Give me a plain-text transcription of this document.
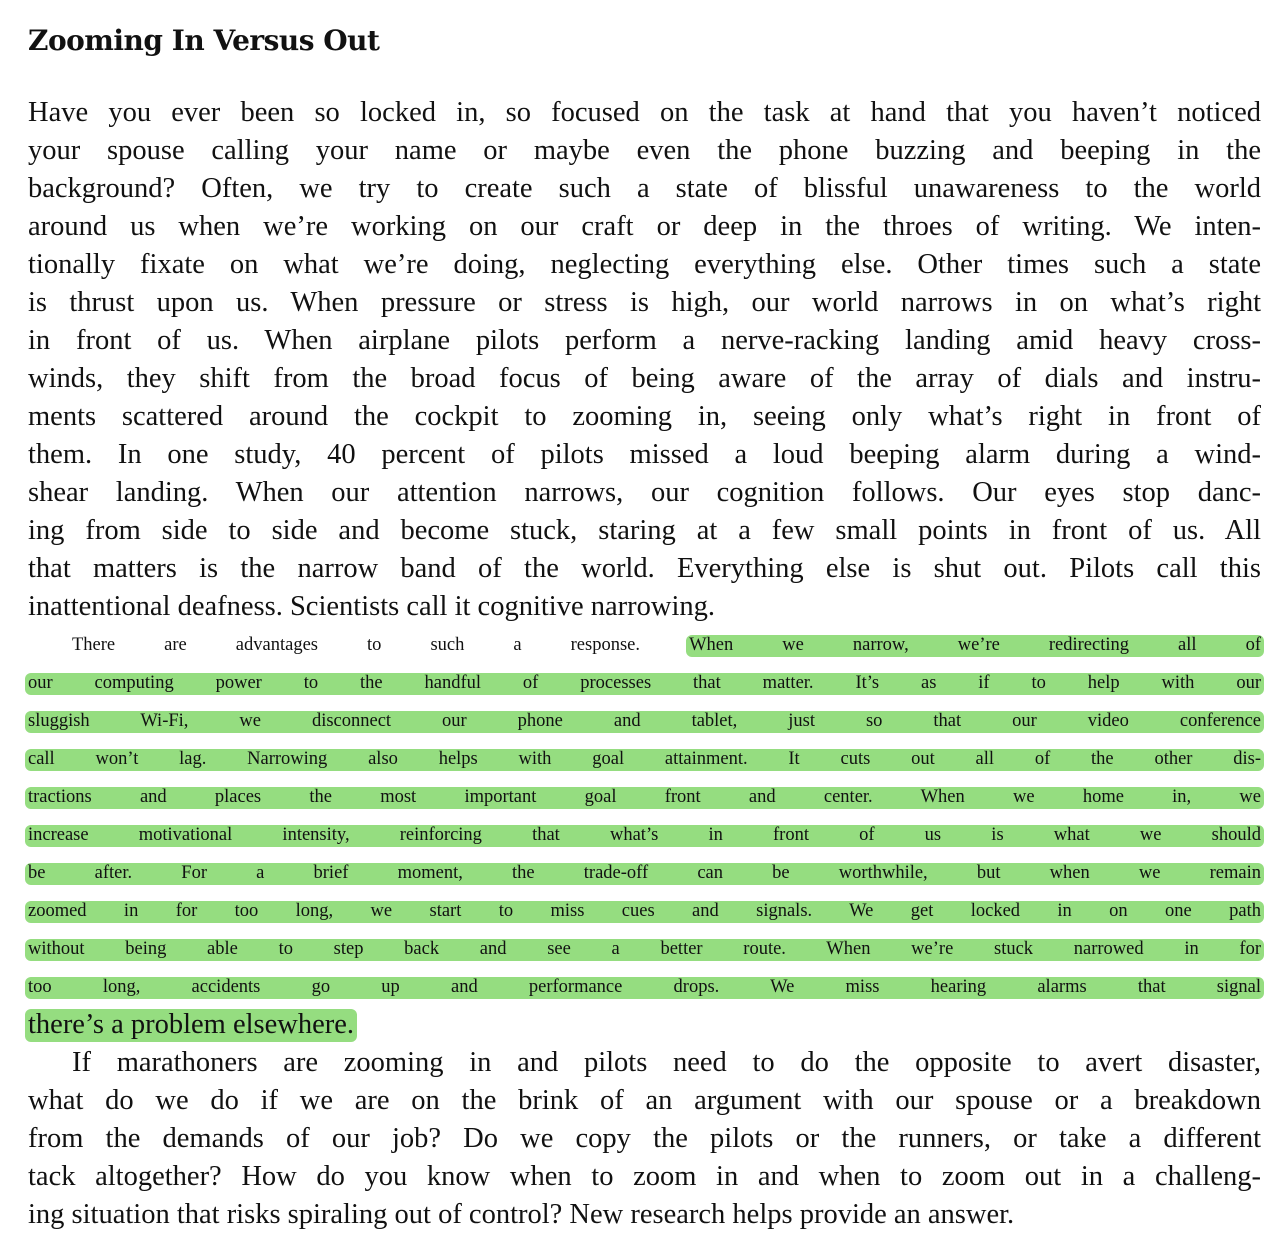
Zooming In Versus Out
Have you ever been so locked in, so focused on the task at hand that you haven’t noticed
your spouse calling your name or maybe even the phone buzzing and beeping in the
background? Often, we try to create such a state of blissful unawareness to the world
around us when we’re working on our craft or deep in the throes of writing. We inten-
tionally fixate on what we’re doing, neglecting everything else. Other times such a state
is thrust upon us. When pressure or stress is high, our world narrows in on what’s right
in front of us. When airplane pilots perform a nerve-racking landing amid heavy cross-
winds, they shift from the broad focus of being aware of the array of dials and instru-
ments scattered around the cockpit to zooming in, seeing only what’s right in front of
them. In one study, 40 percent of pilots missed a loud beeping alarm during a wind-
shear landing. When our attention narrows, our cognition follows. Our eyes stop danc-
ing from side to side and become stuck, staring at a few small points in front of us. All
that matters is the narrow band of the world. Everything else is shut out. Pilots call this
inattentional deafness. Scientists call it cognitive narrowing.
There are advantages to such a response.	When we narrow, we’re redirecting all of
our computing power to the handful of processes that matter. It’s as if to help with our
sluggish Wi-Fi, we disconnect our phone and tablet, just so that our video conference
call won’t lag. Narrowing also helps with goal attainment. It cuts out all of the other dis-
tractions and places the most important goal front and center. When we home in, we
increase motivational intensity, reinforcing that what’s in front of us is what we should
be after. For a brief moment, the trade-off can be worthwhile, but when we remain
zoomed in for too long, we start to miss cues and signals. We get locked in on one path
without being able to step back and see a better route. When we’re stuck narrowed in for
too long, accidents go up and performance drops. We miss hearing alarms that signal
there’s a problem elsewhere.
If marathoners are zooming in and pilots need to do the opposite to avert disaster,
what do we do if we are on the brink of an argument with our spouse or a breakdown
from the demands of our job? Do we copy the pilots or the runners, or take a different
tack altogether? How do you know when to zoom in and when to zoom out in a challeng-
ing situation that risks spiraling out of control? New research helps provide an answer.
